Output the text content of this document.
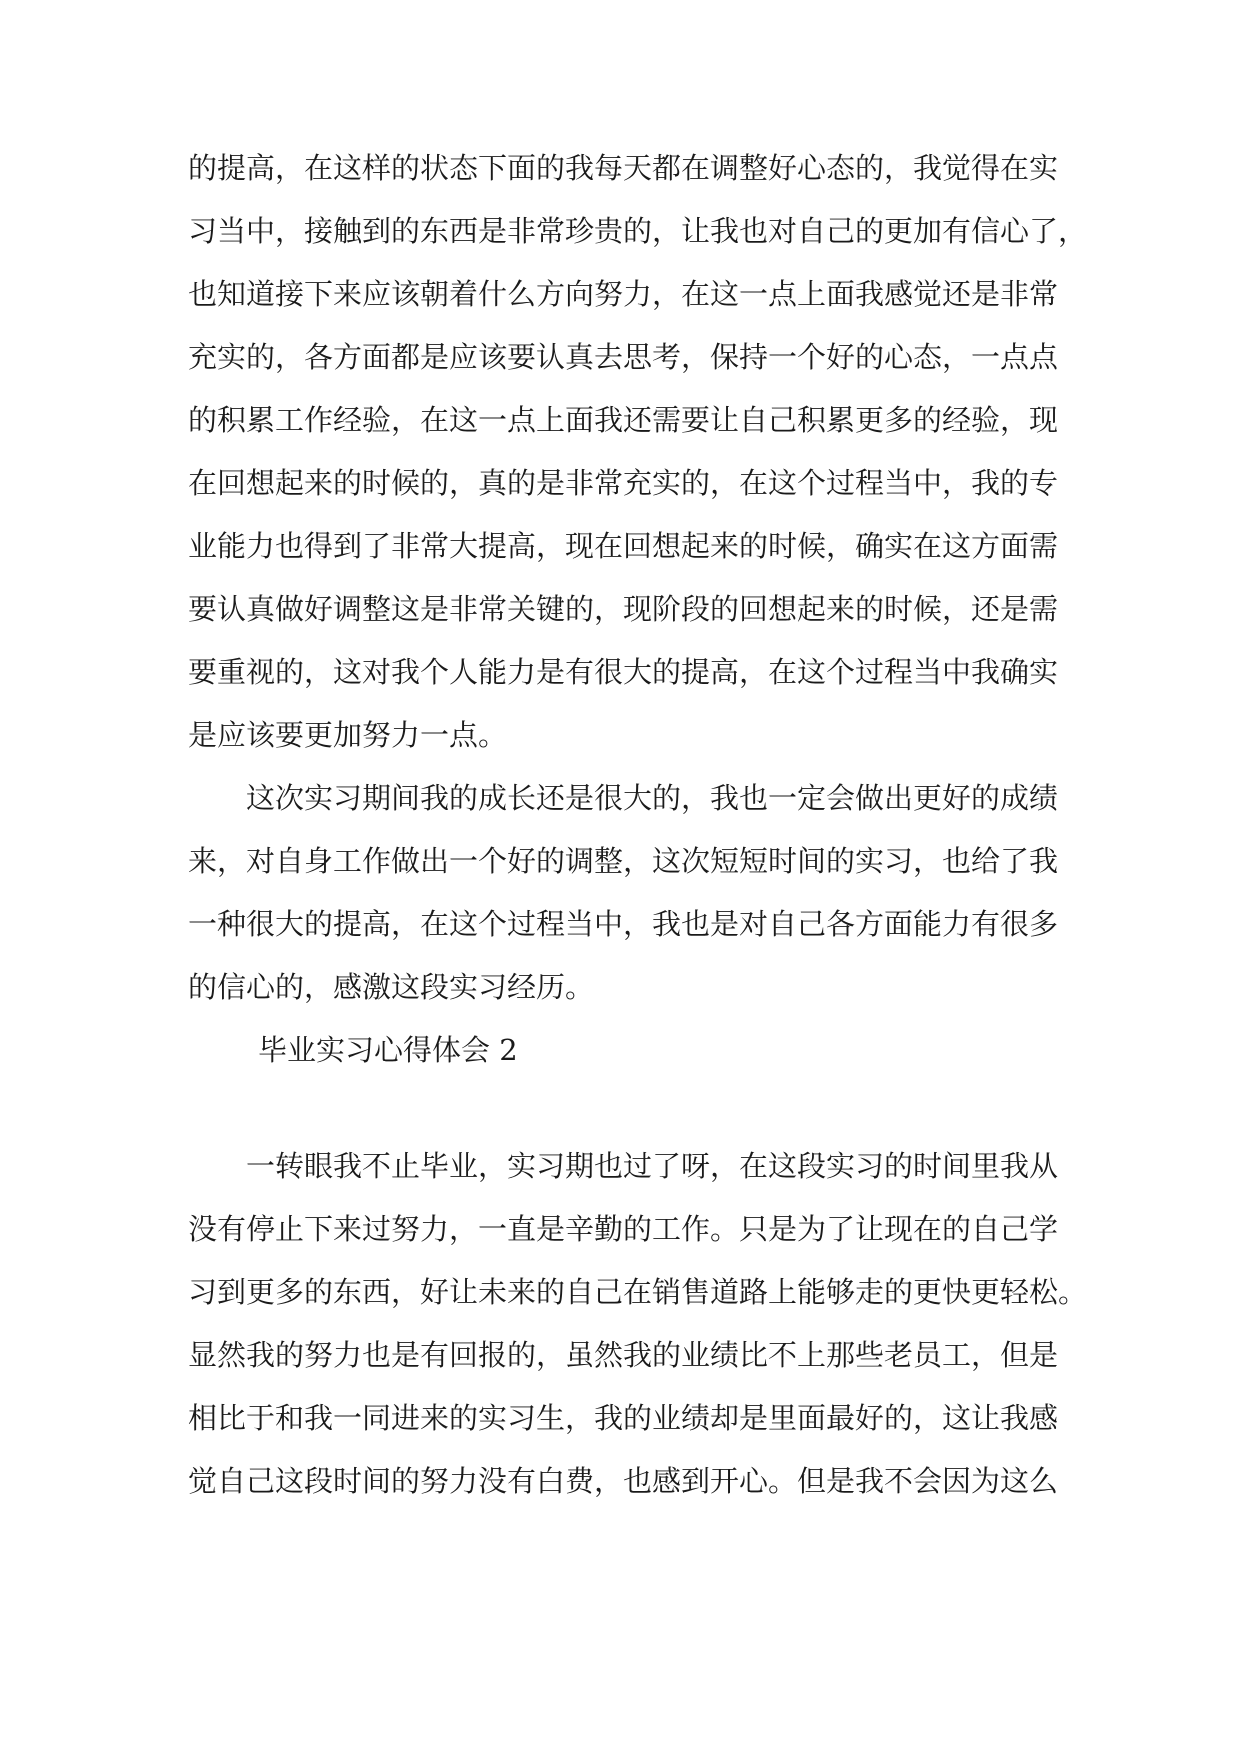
的提高，在这样的状态下面的我每天都在调整好心态的，我觉得在实
习当中，接触到的东西是非常珍贵的，让我也对自己的更加有信心了，
也知道接下来应该朝着什么方向努力，在这一点上面我感觉还是非常
充实的，各方面都是应该要认真去思考，保持一个好的心态，一点点
的积累工作经验，在这一点上面我还需要让自己积累更多的经验，现
在回想起来的时候的，真的是非常充实的，在这个过程当中，我的专
业能力也得到了非常大提高，现在回想起来的时候，确实在这方面需
要认真做好调整这是非常关键的，现阶段的回想起来的时候，还是需
要重视的，这对我个人能力是有很大的提高，在这个过程当中我确实
是应该要更加努力一点。
这次实习期间我的成长还是很大的，我也一定会做出更好的成绩
来，对自身工作做出一个好的调整，这次短短时间的实习，也给了我
一种很大的提高，在这个过程当中，我也是对自己各方面能力有很多
的信心的，感激这段实习经历。
毕业实习心得体会 2
一转眼我不止毕业，实习期也过了呀，在这段实习的时间里我从
没有停止下来过努力，一直是辛勤的工作。只是为了让现在的自己学
习到更多的东西，好让未来的自己在销售道路上能够走的更快更轻松。
显然我的努力也是有回报的，虽然我的业绩比不上那些老员工，但是
相比于和我一同进来的实习生，我的业绩却是里面最好的，这让我感
觉自己这段时间的努力没有白费，也感到开心。但是我不会因为这么
